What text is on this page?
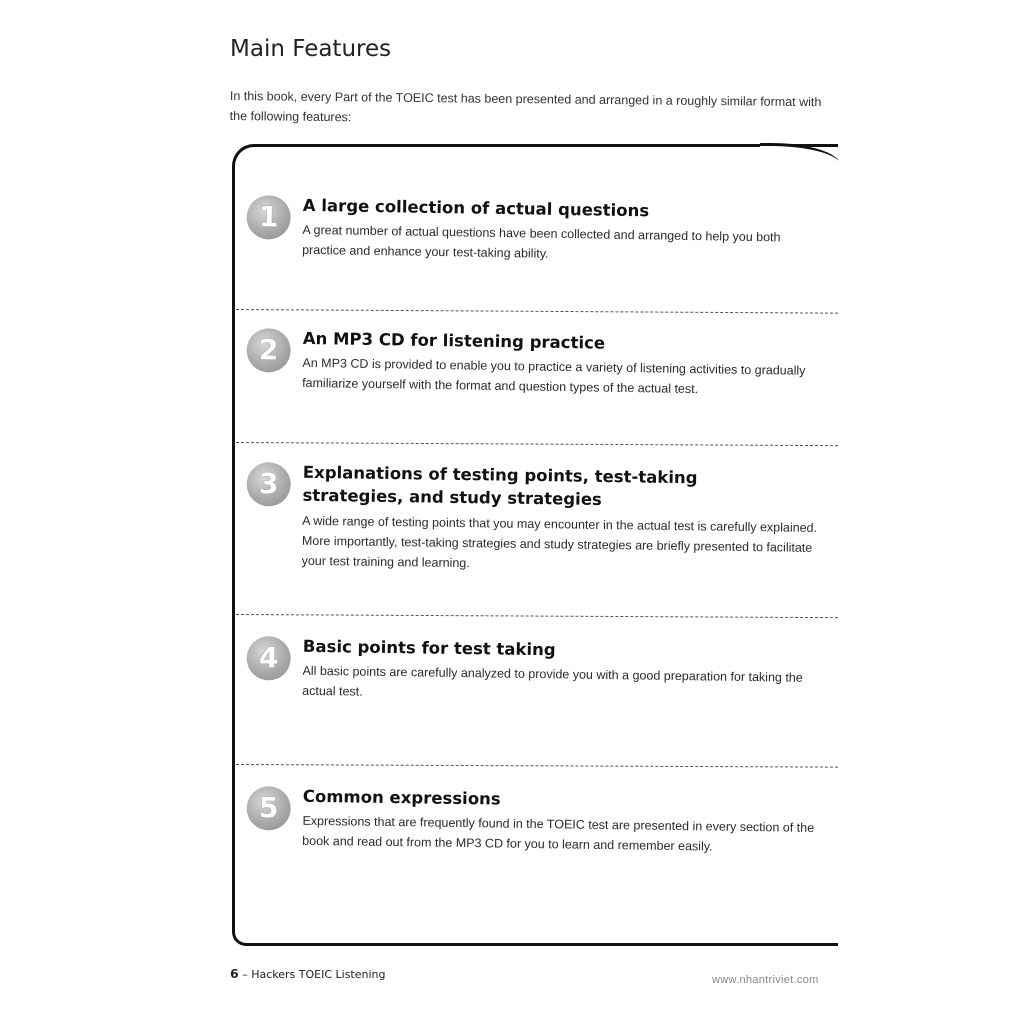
Main Features
In this book, every Part of the TOEIC test has been presented and arranged in a roughly similar format with the following features:
1	A large collection of actual questions
A great number of actual questions have been collected and arranged to help you both practice and enhance your test-taking ability.
2	An MP3 CD for listening practice
An MP3 CD is provided to enable you to practice a variety of listening activities to gradually familiarize yourself with the format and question types of the actual test.
3	Explanations of testing points, test-taking strategies, and study strategies
A wide range of testing points that you may encounter in the actual test is carefully explained. More importantly, test-taking strategies and study strategies are briefly presented to facilitate your test training and learning.
4	Basic points for test taking
All basic points are carefully analyzed to provide you with a good preparation for taking the actual test.
5	Common expressions
Expressions that are frequently found in the TOEIC test are presented in every section of the book and read out from the MP3 CD for you to learn and remember easily.
6 – Hackers TOEIC Listening	www.nhantriviet.com
